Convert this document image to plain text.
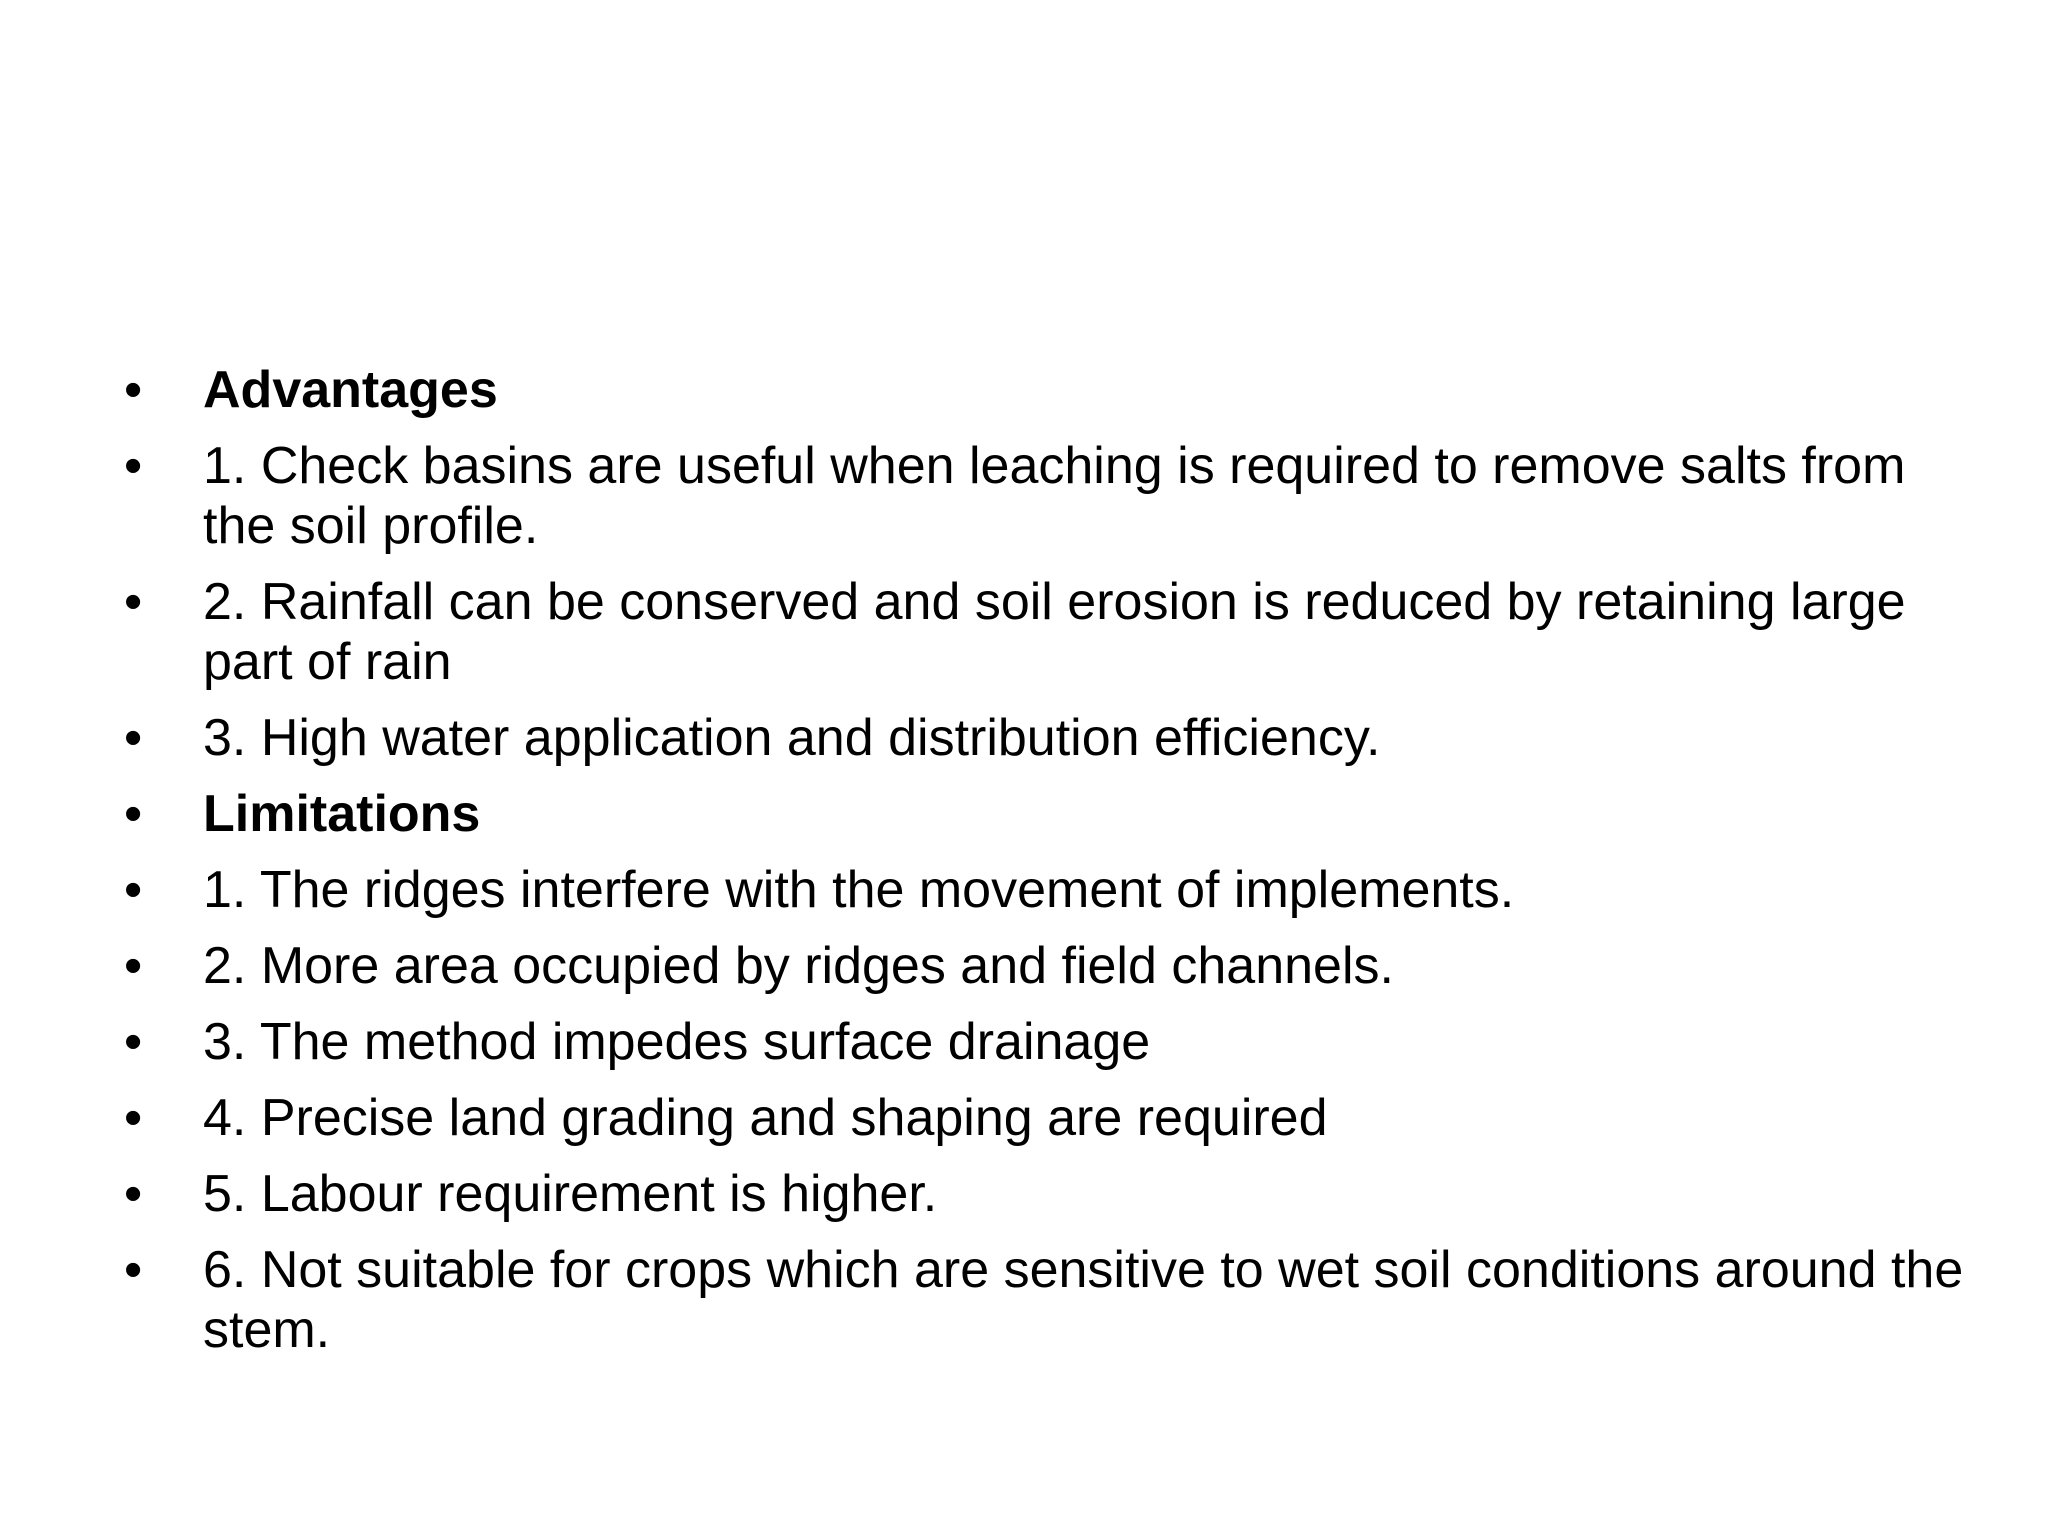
•	Advantages
•	1. Check basins are useful when leaching is required to remove salts from the soil profile.
•	2. Rainfall can be conserved and soil erosion is reduced by retaining large part of rain
•	3. High water application and distribution efficiency.
•	Limitations
•	1. The ridges interfere with the movement of implements.
•	2. More area occupied by ridges and field channels.
•	3. The method impedes surface drainage
•	4. Precise land grading and shaping are required
•	5. Labour requirement is higher.
•	6. Not suitable for crops which are sensitive to wet soil conditions around the stem.
